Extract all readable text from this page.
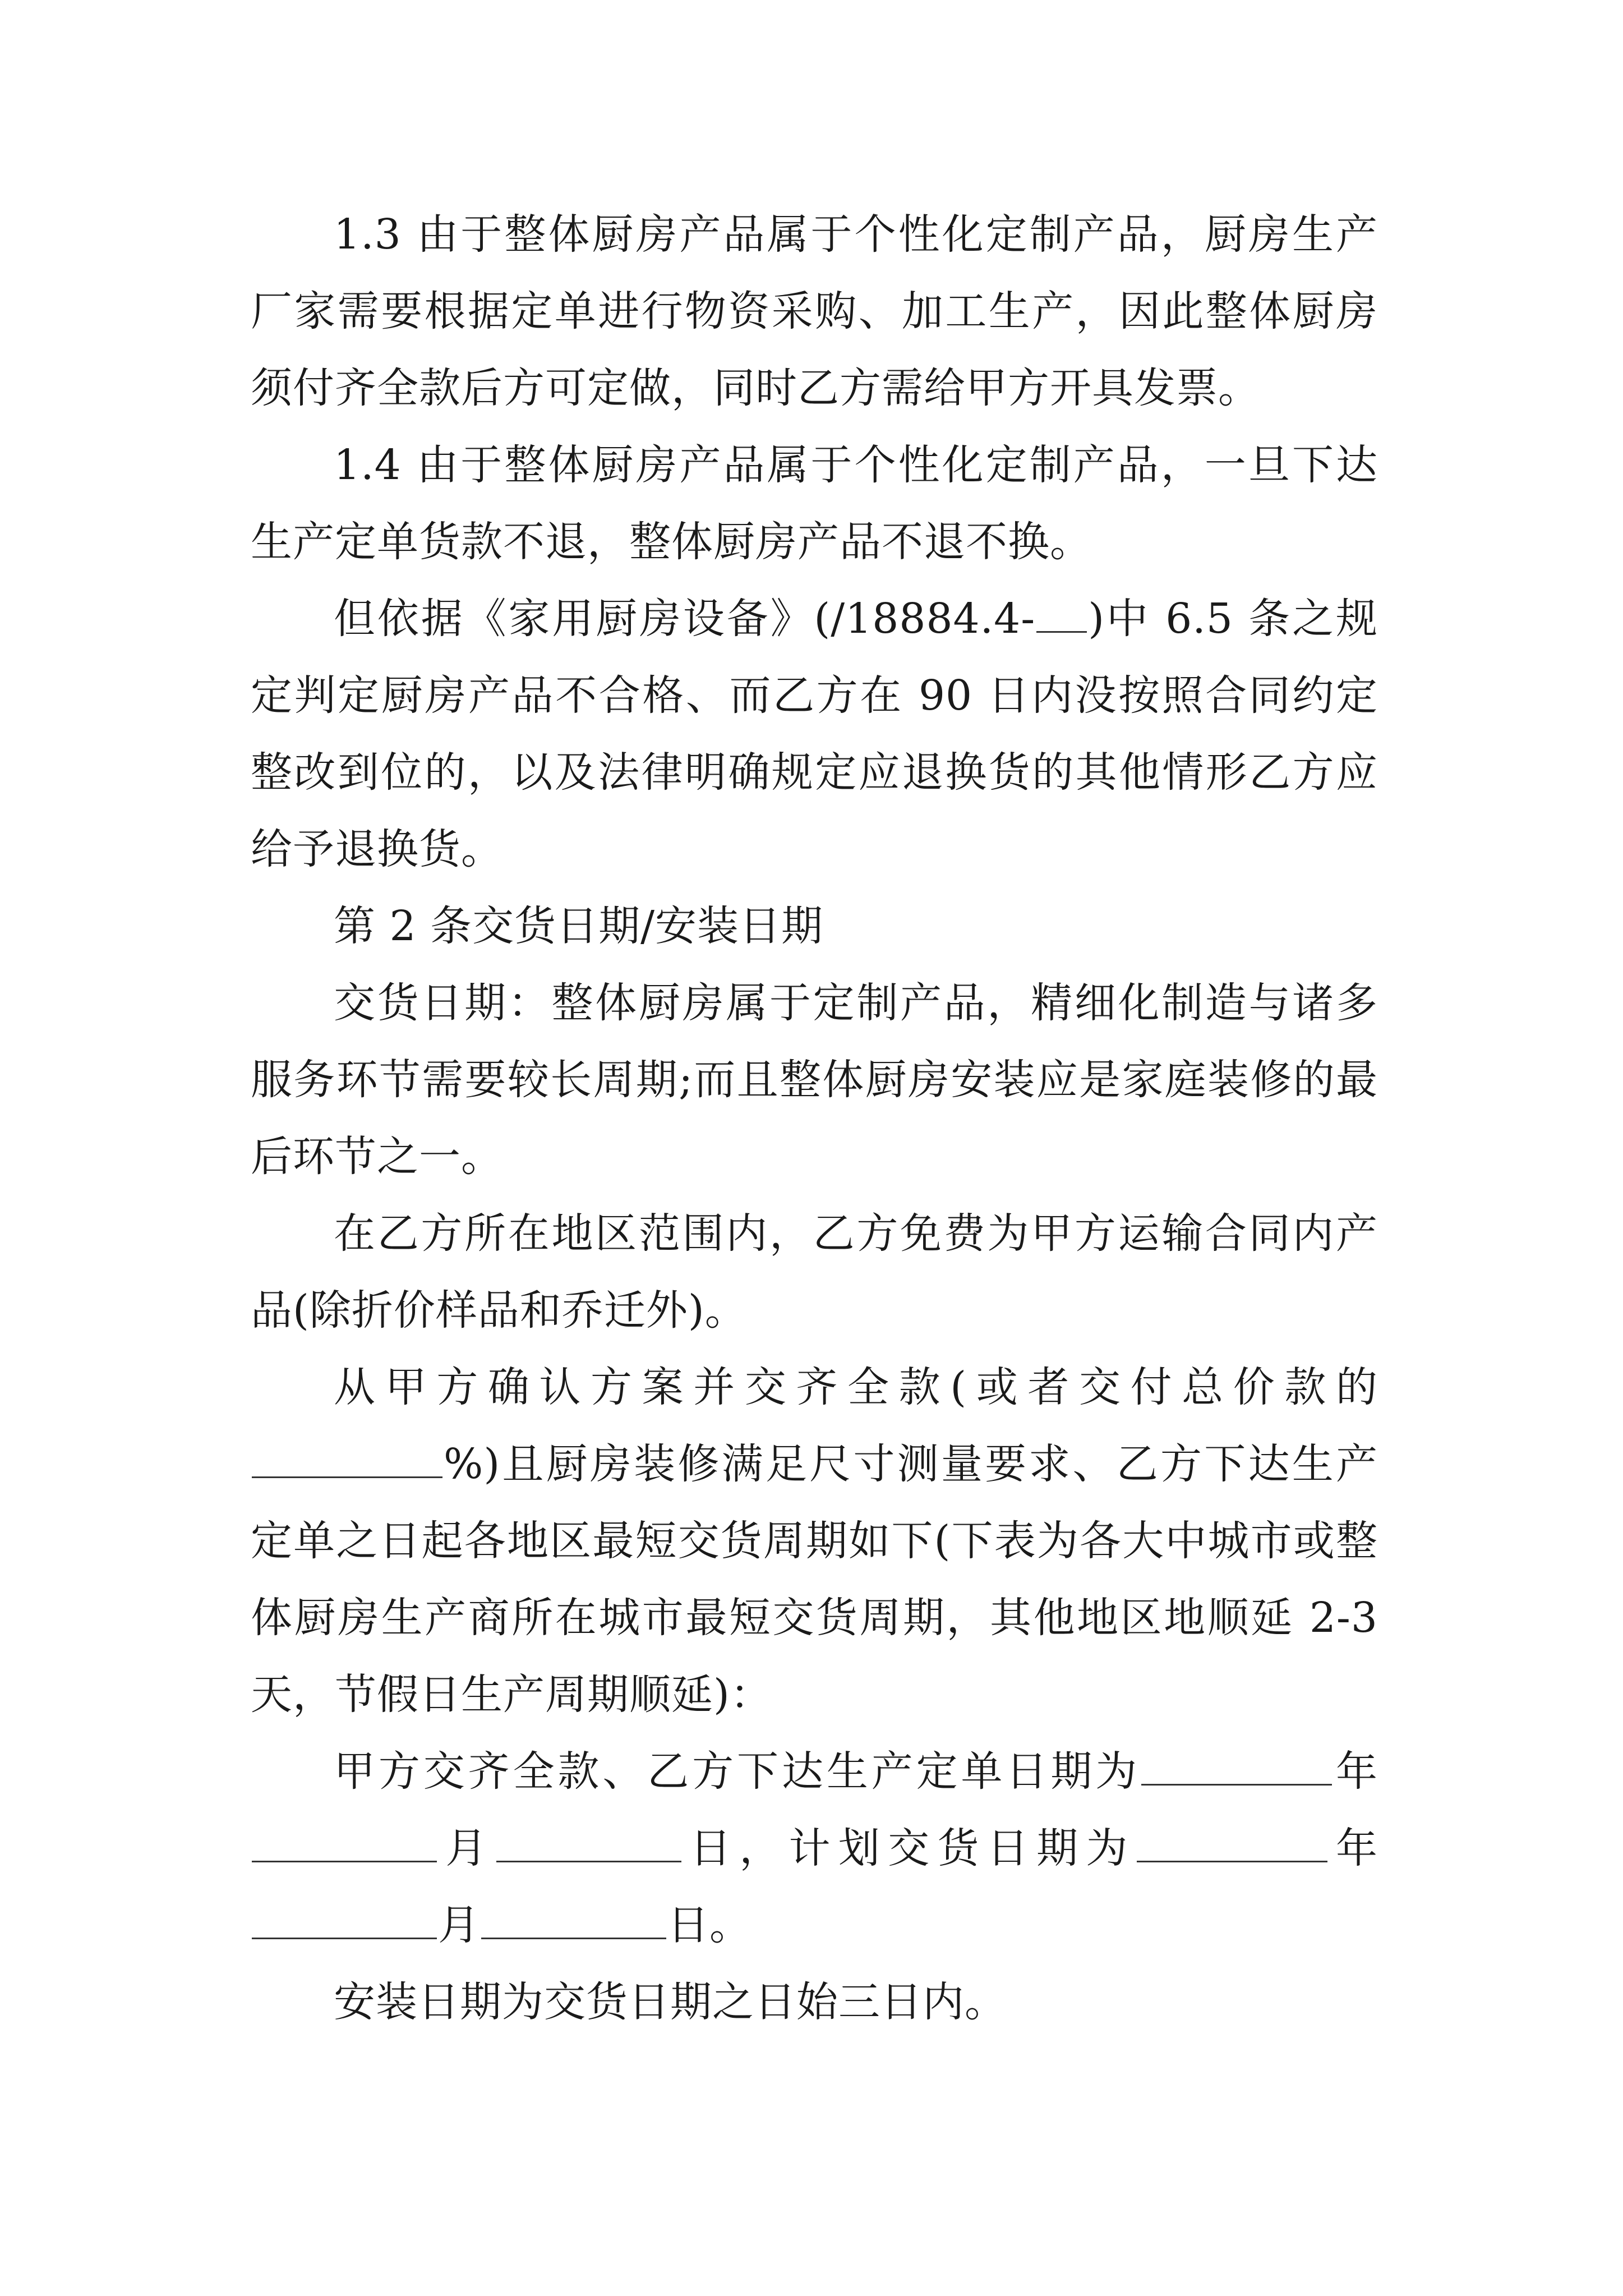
1.3 由于整体厨房产品属于个性化定制产品，厨房生产厂家需要根据定单进行物资采购、加工生产，因此整体厨房须付齐全款后方可定做，同时乙方需给甲方开具发票。

1.4 由于整体厨房产品属于个性化定制产品，一旦下达生产定单货款不退，整体厨房产品不退不换。

但依据《家用厨房设备》(/18884.4- )中 6.5 条之规定判定厨房产品不合格、而乙方在 90 日内没按照合同约定整改到位的，以及法律明确规定应退换货的其他情形乙方应给予退换货。

第 2 条交货日期/安装日期

交货日期：整体厨房属于定制产品，精细化制造与诸多服务环节需要较长周期;而且整体厨房安装应是家庭装修的最后环节之一。

在乙方所在地区范围内，乙方免费为甲方运输合同内产品(除折价样品和乔迁外)。

从甲方确认方案并交齐全款(或者交付总价款的%)且厨房装修满足尺寸测量要求、乙方下达生产定单之日起各地区最短交货周期如下(下表为各大中城市或整体厨房生产商所在城市最短交货周期，其他地区地顺延 2-3 天，节假日生产周期顺延)：

甲方交齐全款、乙方下达生产定单日期为	年月	日，计划交货日期为	年月	日。

安装日期为交货日期之日始三日内。
